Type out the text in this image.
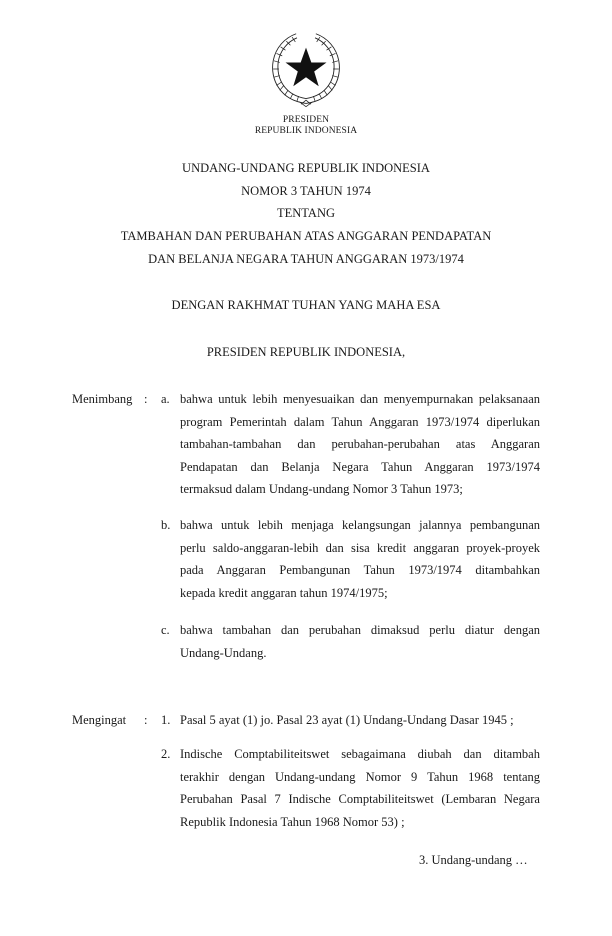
PRESIDEN
REPUBLIK INDONESIA
UNDANG-UNDANG REPUBLIK INDONESIA
NOMOR 3 TAHUN 1974
TENTANG
TAMBAHAN DAN PERUBAHAN ATAS ANGGARAN PENDAPATAN
DAN BELANJA NEGARA TAHUN ANGGARAN 1973/1974
DENGAN RAKHMAT TUHAN YANG MAHA ESA
PRESIDEN REPUBLIK INDONESIA,
Menimbang : a. bahwa untuk lebih menyesuaikan dan menyempurnakan pelaksanaan
program Pemerintah dalam Tahun Anggaran 1973/1974 diperlukan
tambahan-tambahan dan perubahan-perubahan atas Anggaran
Pendapatan dan Belanja Negara Tahun Anggaran 1973/1974
termaksud dalam Undang-undang Nomor 3 Tahun 1973;
b. bahwa untuk lebih menjaga kelangsungan jalannya pembangunan
perlu saldo-anggaran-lebih dan sisa kredit anggaran proyek-proyek
pada Anggaran Pembangunan Tahun 1973/1974 ditambahkan
kepada kredit anggaran tahun 1974/1975;
c. bahwa tambahan dan perubahan dimaksud perlu diatur dengan
Undang-Undang.
Mengingat : 1. Pasal 5 ayat (1) jo. Pasal 23 ayat (1) Undang-Undang Dasar 1945 ;
2. Indische Comptabiliteitswet sebagaimana diubah dan ditambah
terakhir dengan Undang-undang Nomor 9 Tahun 1968 tentang
Perubahan Pasal 7 Indische Comptabiliteitswet (Lembaran Negara
Republik Indonesia Tahun 1968 Nomor 53) ;
3. Undang-undang …
